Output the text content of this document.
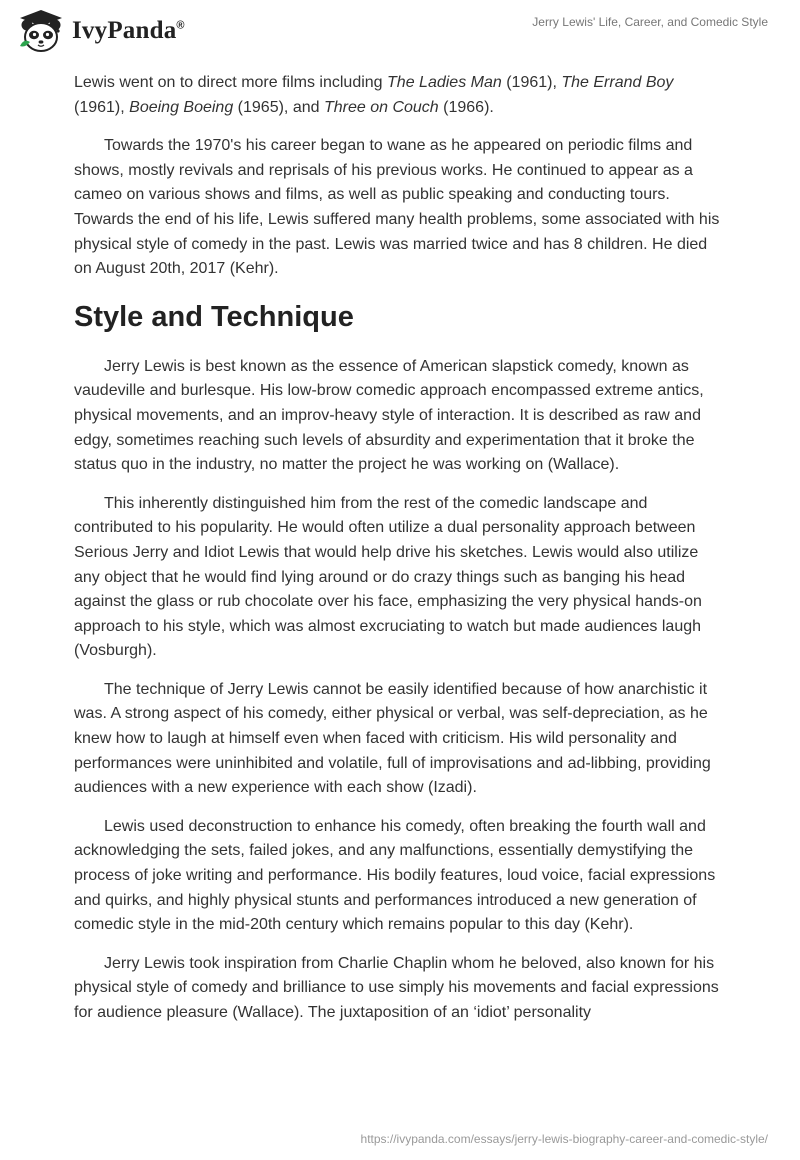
IvyPanda®	Jerry Lewis' Life, Career, and Comedic Style

Lewis went on to direct more films including The Ladies Man (1961), The Errand Boy (1961), Boeing Boeing (1965), and Three on Couch (1966).

Towards the 1970's his career began to wane as he appeared on periodic films and shows, mostly revivals and reprisals of his previous works. He continued to appear as a cameo on various shows and films, as well as public speaking and conducting tours. Towards the end of his life, Lewis suffered many health problems, some associated with his physical style of comedy in the past. Lewis was married twice and has 8 children. He died on August 20th, 2017 (Kehr).

Style and Technique

Jerry Lewis is best known as the essence of American slapstick comedy, known as vaudeville and burlesque. His low-brow comedic approach encompassed extreme antics, physical movements, and an improv-heavy style of interaction. It is described as raw and edgy, sometimes reaching such levels of absurdity and experimentation that it broke the status quo in the industry, no matter the project he was working on (Wallace).

This inherently distinguished him from the rest of the comedic landscape and contributed to his popularity. He would often utilize a dual personality approach between Serious Jerry and Idiot Lewis that would help drive his sketches. Lewis would also utilize any object that he would find lying around or do crazy things such as banging his head against the glass or rub chocolate over his face, emphasizing the very physical hands-on approach to his style, which was almost excruciating to watch but made audiences laugh (Vosburgh).

The technique of Jerry Lewis cannot be easily identified because of how anarchistic it was. A strong aspect of his comedy, either physical or verbal, was self-depreciation, as he knew how to laugh at himself even when faced with criticism. His wild personality and performances were uninhibited and volatile, full of improvisations and ad-libbing, providing audiences with a new experience with each show (Izadi).

Lewis used deconstruction to enhance his comedy, often breaking the fourth wall and acknowledging the sets, failed jokes, and any malfunctions, essentially demystifying the process of joke writing and performance. His bodily features, loud voice, facial expressions and quirks, and highly physical stunts and performances introduced a new generation of comedic style in the mid-20th century which remains popular to this day (Kehr).

Jerry Lewis took inspiration from Charlie Chaplin whom he beloved, also known for his physical style of comedy and brilliance to use simply his movements and facial expressions for audience pleasure (Wallace). The juxtaposition of an ‘idiot’ personality

https://ivypanda.com/essays/jerry-lewis-biography-career-and-comedic-style/
